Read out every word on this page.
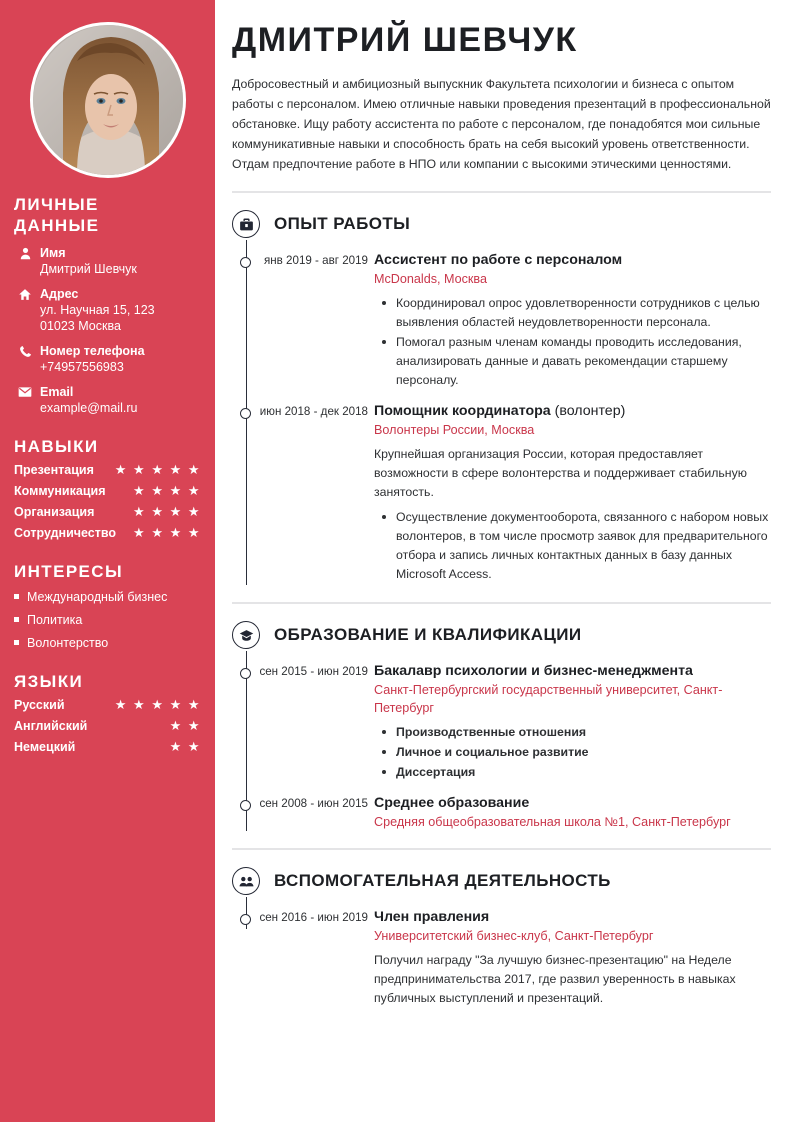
ЛИЧНЫЕ
ДАННЫЕ
Имя
Дмитрий Шевчук
Адрес
ул. Научная 15, 123
01023 Москва
Номер телефона
+74957556983
Email
example@mail.ru
НАВЫКИ
Презентация ★ ★ ★ ★ ★
Коммуникация ★ ★ ★ ★
Организация	★ ★ ★ ★
Сотрудничество ★ ★ ★ ★
ИНТЕРЕСЫ
Международный бизнес
Политика
Волонтерство
ЯЗЫКИ
Русский	★ ★ ★ ★ ★
Английский	★ ★
Немецкий	★ ★
ДМИТРИЙ ШЕВЧУК

Добросовестный и амбициозный выпускник Факультета психологии и бизнеса с опытом работы с персоналом. Имею отличные навыки проведения презентаций в профессиональной обстановке. Ищу работу ассистента по работе с персоналом, где понадобятся мои сильные коммуникативные навыки и способность брать на себя высокий уровень ответственности. Отдам предпочтение работе в НПО или компании с высокими этическими ценностями.

ОПЫТ РАБОТЫ
янв 2019 - авг 2019 Ассистент по работе с персоналом
McDonalds, Москва
Координировал опрос удовлетворенности сотрудников с целью выявления областей неудовлетворенности персонала.
Помогал разным членам команды проводить исследования, анализировать данные и давать рекомендации старшему персоналу.
июн 2018 - дек 2018 Помощник координатора (волонтер)
Волонтеры России, Москва
Крупнейшая организация России, которая предоставляет возможности в сфере волонтерства и поддерживает стабильную занятость.
Осуществление документооборота, связанного с набором новых волонтеров, в том числе просмотр заявок для предварительного отбора и запись личных контактных данных в базу данных Microsoft Access.
ОБРАЗОВАНИЕ И КВАЛИФИКАЦИИ
сен 2015 - июн 2019 Бакалавр психологии и бизнес-менеджмента
Санкт-Петербургский государственный университет, Санкт-Петербург
Производственные отношения
Личное и социальное развитие
Диссертация
сен 2008 - июн 2015 Среднее образование
Средняя общеобразовательная школа №1, Санкт-Петербург
ВСПОМОГАТЕЛЬНАЯ ДЕЯТЕЛЬНОСТЬ
сен 2016 - июн 2019 Член правления
Университетский бизнес-клуб, Санкт-Петербург
Получил награду "За лучшую бизнес-презентацию" на Неделе предпринимательства 2017, где развил уверенность в навыках публичных выступлений и презентаций.
